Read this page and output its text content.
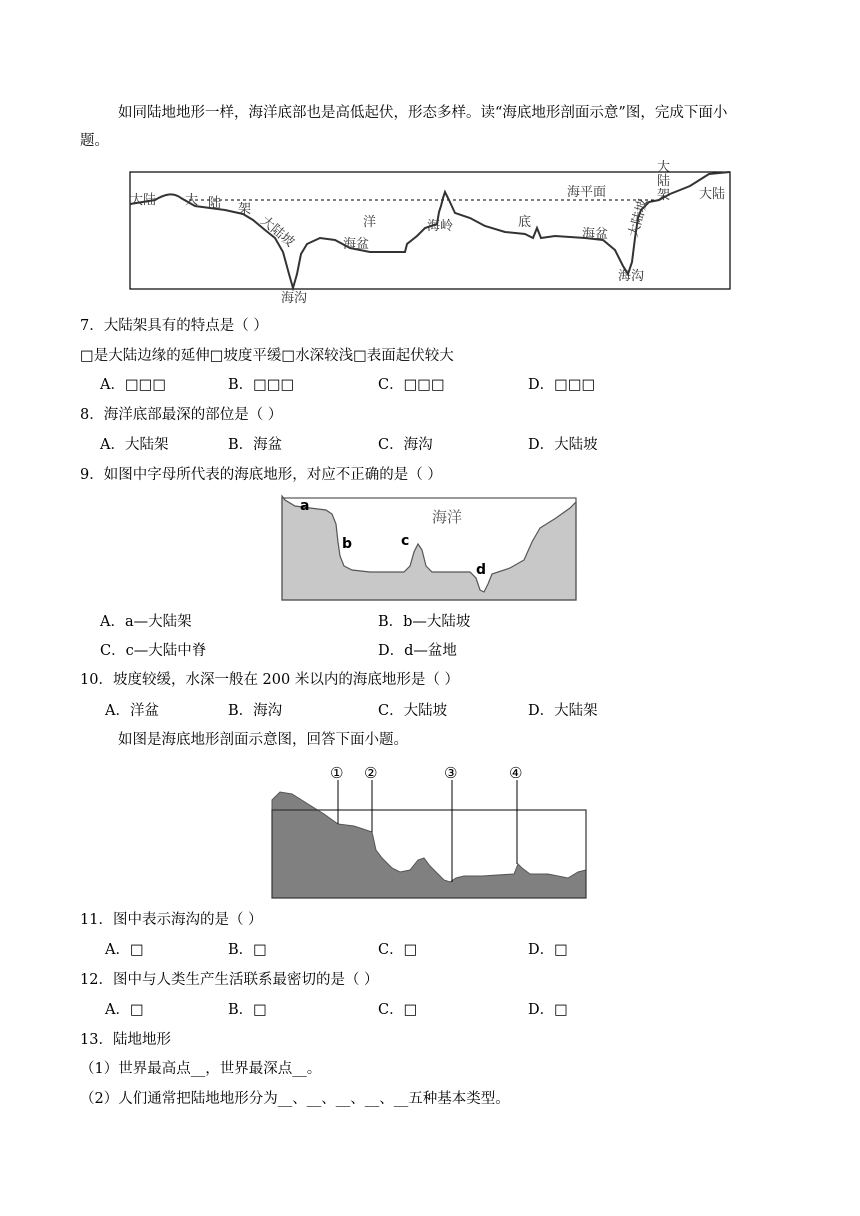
如同陆地地形一样，海洋底部也是高低起伏，形态多样。读“海底地形剖面示意”图，完成下面小
题。
大陆 大 陆 架
大陆坡	洋
海盆
海岭	底
海盆
海平面
大
陆
架
大陆坡
大陆
海沟
海沟
7．大陆架具有的特点是（ ）
□是大陆边缘的延伸□坡度平缓□水深较浅□表面起伏较大
A．□□□	B．□□□	C．□□□	D．□□□
8．海洋底部最深的部位是（ ）
A．大陆架	B．海盆	C．海沟	D．大陆坡
9．如图中字母所代表的海底地形，对应不正确的是（ ）
a
b	c
d
海洋
A．a—大陆架	B．b—大陆坡
C．c—大陆中脊	D．d—盆地
10．坡度较缓，水深一般在 200 米以内的海底地形是（ ）
A．洋盆	B．海沟	C．大陆坡	D．大陆架
如图是海底地形剖面示意图，回答下面小题。
① ②	③	④
11．图中表示海沟的是（ ）
A．□	B．□	C．□	D．□
12．图中与人类生产生活联系最密切的是（ ）
A．□	B．□	C．□	D．□
13．陆地地形
（1）世界最高点__，世界最深点__。
（2）人们通常把陆地地形分为__、__、__、__、__五种基本类型。
